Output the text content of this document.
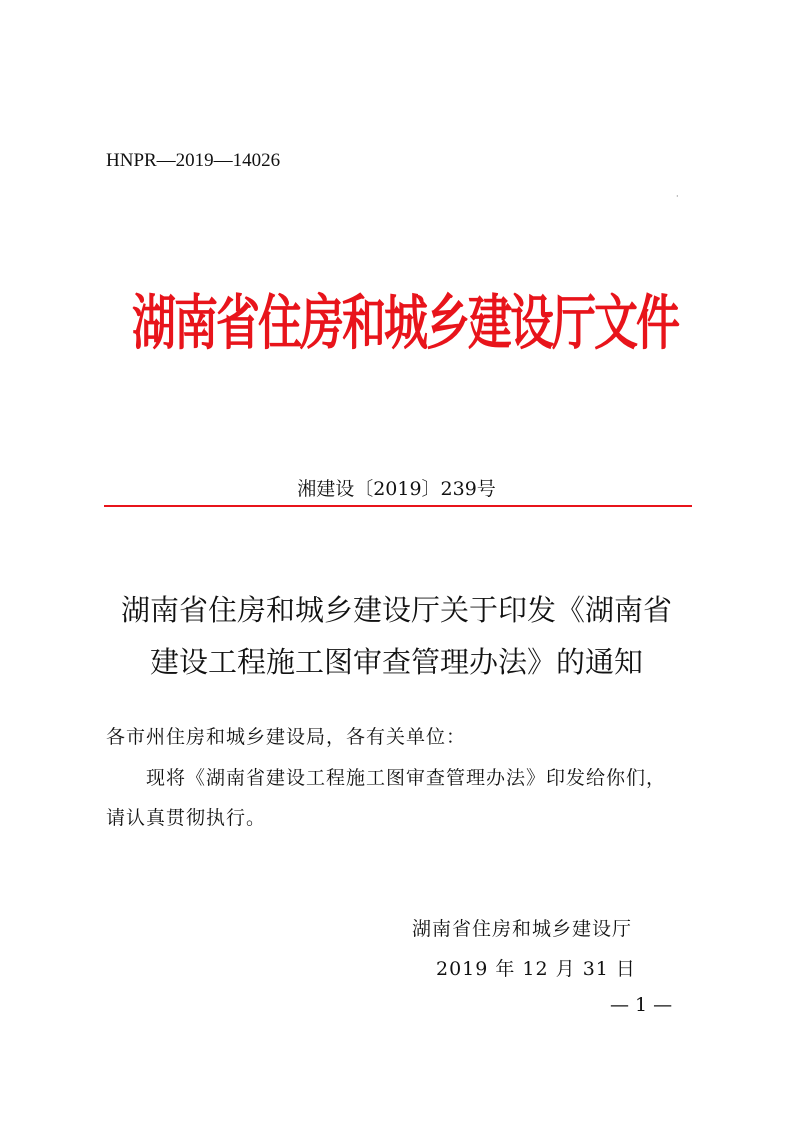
HNPR—2019—14026
·
湖南省住房和城乡建设厅文件
湘建设〔2019〕239号
湖南省住房和城乡建设厅关于印发《湖南省
建设工程施工图审查管理办法》的通知
各市州住房和城乡建设局，各有关单位：
现将《湖南省建设工程施工图审查管理办法》印发给你们，
请认真贯彻执行。
湖南省住房和城乡建设厅
2019 年 12 月 31 日
— 1 —
